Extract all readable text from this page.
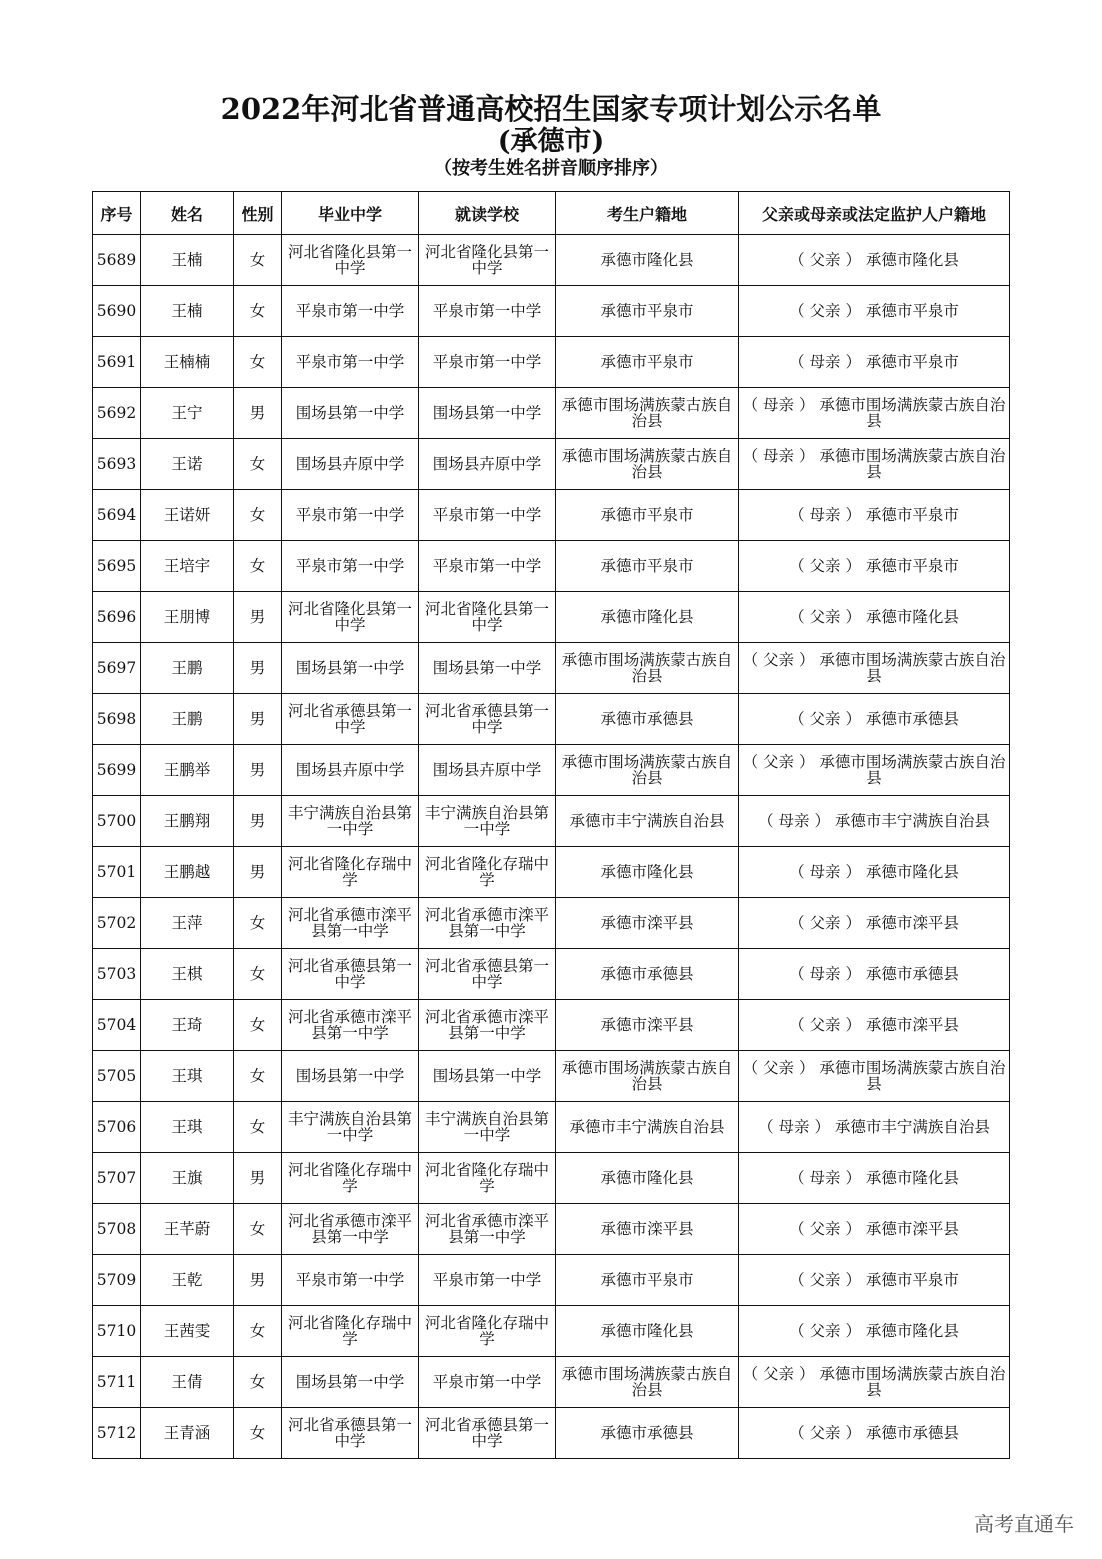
2022年河北省普通高校招生国家专项计划公示名单
(承德市)
（按考生姓名拼音顺序排序）
序号	姓名	性别	毕业中学	就读学校	考生户籍地	父亲或母亲或法定监护人户籍地
5689	王楠	女	河北省隆化县第一中学	河北省隆化县第一中学	承德市隆化县	（ 父亲 ） 承德市隆化县
5690	王楠	女	平泉市第一中学	平泉市第一中学	承德市平泉市	（ 父亲 ） 承德市平泉市
5691	王楠楠	女	平泉市第一中学	平泉市第一中学	承德市平泉市	（ 母亲 ） 承德市平泉市
5692	王宁	男	围场县第一中学	围场县第一中学	承德市围场满族蒙古族自治县	（ 母亲 ） 承德市围场满族蒙古族自治县
5693	王诺	女	围场县卉原中学	围场县卉原中学	承德市围场满族蒙古族自治县	（ 母亲 ） 承德市围场满族蒙古族自治县
5694	王诺妍	女	平泉市第一中学	平泉市第一中学	承德市平泉市	（ 母亲 ） 承德市平泉市
5695	王培宇	女	平泉市第一中学	平泉市第一中学	承德市平泉市	（ 父亲 ） 承德市平泉市
5696	王朋博	男	河北省隆化县第一中学	河北省隆化县第一中学	承德市隆化县	（ 父亲 ） 承德市隆化县
5697	王鹏	男	围场县第一中学	围场县第一中学	承德市围场满族蒙古族自治县	（ 父亲 ） 承德市围场满族蒙古族自治县
5698	王鹏	男	河北省承德县第一中学	河北省承德县第一中学	承德市承德县	（ 父亲 ） 承德市承德县
5699	王鹏举	男	围场县卉原中学	围场县卉原中学	承德市围场满族蒙古族自治县	（ 父亲 ） 承德市围场满族蒙古族自治县
5700	王鹏翔	男	丰宁满族自治县第一中学	丰宁满族自治县第一中学	承德市丰宁满族自治县	（ 母亲 ） 承德市丰宁满族自治县
5701	王鹏越	男	河北省隆化存瑞中学	河北省隆化存瑞中学	承德市隆化县	（ 母亲 ） 承德市隆化县
5702	王萍	女	河北省承德市滦平县第一中学	河北省承德市滦平县第一中学	承德市滦平县	（ 父亲 ） 承德市滦平县
5703	王棋	女	河北省承德县第一中学	河北省承德县第一中学	承德市承德县	（ 母亲 ） 承德市承德县
5704	王琦	女	河北省承德市滦平县第一中学	河北省承德市滦平县第一中学	承德市滦平县	（ 父亲 ） 承德市滦平县
5705	王琪	女	围场县第一中学	围场县第一中学	承德市围场满族蒙古族自治县	（ 父亲 ） 承德市围场满族蒙古族自治县
5706	王琪	女	丰宁满族自治县第一中学	丰宁满族自治县第一中学	承德市丰宁满族自治县	（ 母亲 ） 承德市丰宁满族自治县
5707	王旗	男	河北省隆化存瑞中学	河北省隆化存瑞中学	承德市隆化县	（ 母亲 ） 承德市隆化县
5708	王芊蔚	女	河北省承德市滦平县第一中学	河北省承德市滦平县第一中学	承德市滦平县	（ 父亲 ） 承德市滦平县
5709	王乾	男	平泉市第一中学	平泉市第一中学	承德市平泉市	（ 父亲 ） 承德市平泉市
5710	王茜雯	女	河北省隆化存瑞中学	河北省隆化存瑞中学	承德市隆化县	（ 父亲 ） 承德市隆化县
5711	王倩	女	围场县第一中学	平泉市第一中学	承德市围场满族蒙古族自治县	（ 父亲 ） 承德市围场满族蒙古族自治县
5712	王青涵	女	河北省承德县第一中学	河北省承德县第一中学	承德市承德县	（ 父亲 ） 承德市承德县
高考直通车
